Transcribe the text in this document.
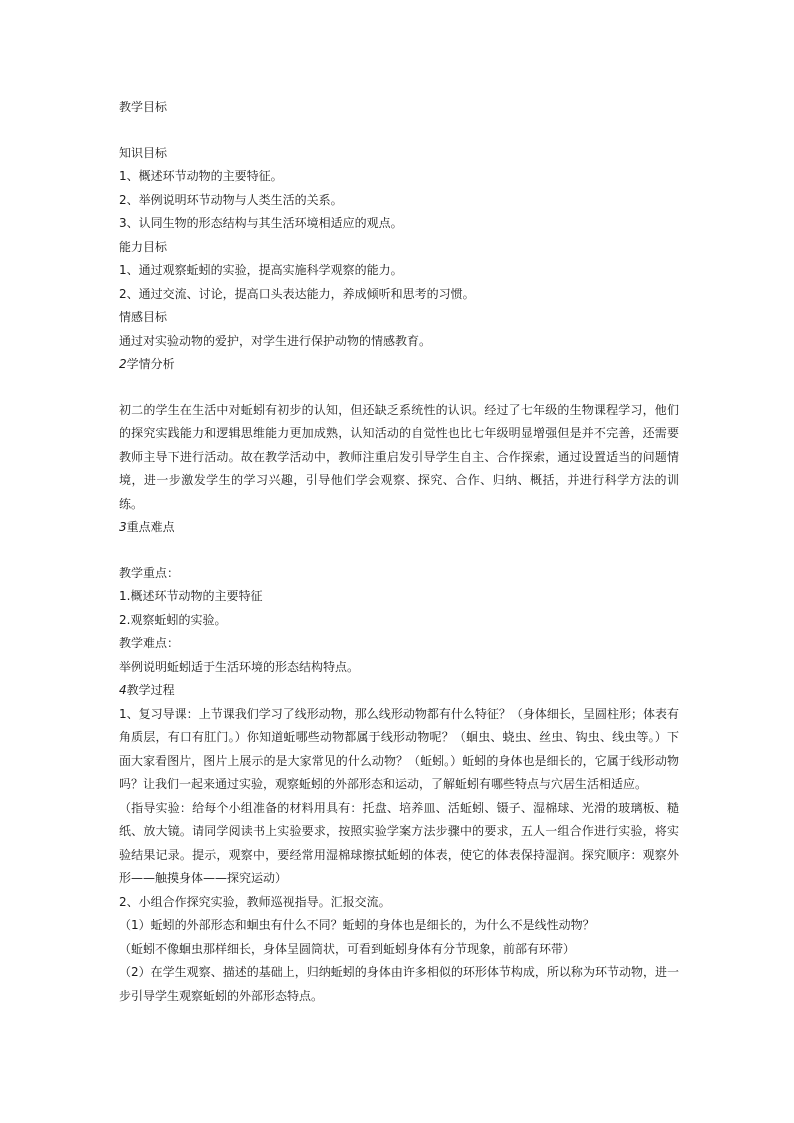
教学目标
知识目标
1、概述环节动物的主要特征。
2、举例说明环节动物与人类生活的关系。
3、认同生物的形态结构与其生活环境相适应的观点。
能力目标
1、通过观察蚯蚓的实验，提高实施科学观察的能力。
2、通过交流、讨论，提高口头表达能力，养成倾听和思考的习惯。
情感目标
通过对实验动物的爱护，对学生进行保护动物的情感教育。
2学情分析
初二的学生在生活中对蚯蚓有初步的认知，但还缺乏系统性的认识。经过了七年级的生物课程学习，他们的探究实践能力和逻辑思维能力更加成熟，认知活动的自觉性也比七年级明显增强但是并不完善，还需要教师主导下进行活动。故在教学活动中，教师注重启发引导学生自主、合作探索，通过设置适当的问题情境，进一步激发学生的学习兴趣，引导他们学会观察、探究、合作、归纳、概括，并进行科学方法的训练。
3重点难点
教学重点：
1.概述环节动物的主要特征
2.观察蚯蚓的实验。
教学难点：
举例说明蚯蚓适于生活环境的形态结构特点。
4教学过程
1、复习导课：上节课我们学习了线形动物，那么线形动物都有什么特征？（身体细长，呈圆柱形；体表有角质层，有口有肛门。）你知道蚯哪些动物都属于线形动物呢？（蛔虫、蛲虫、丝虫、钩虫、线虫等。）下面大家看图片，图片上展示的是大家常见的什么动物？（蚯蚓。）蚯蚓的身体也是细长的，它属于线形动物吗？让我们一起来通过实验，观察蚯蚓的外部形态和运动，了解蚯蚓有哪些特点与穴居生活相适应。
（指导实验：给每个小组准备的材料用具有：托盘、培养皿、活蚯蚓、镊子、湿棉球、光滑的玻璃板、糙纸、放大镜。请同学阅读书上实验要求，按照实验学案方法步骤中的要求，五人一组合作进行实验，将实验结果记录。提示，观察中，要经常用湿棉球擦拭蚯蚓的体表，使它的体表保持湿润。探究顺序：观察外形——触摸身体——探究运动）
2、小组合作探究实验，教师巡视指导。汇报交流。
（1）蚯蚓的外部形态和蛔虫有什么不同？蚯蚓的身体也是细长的，为什么不是线性动物？
（蚯蚓不像蛔虫那样细长，身体呈圆筒状，可看到蚯蚓身体有分节现象，前部有环带）
（2）在学生观察、描述的基础上，归纳蚯蚓的身体由许多相似的环形体节构成，所以称为环节动物，进一步引导学生观察蚯蚓的外部形态特点。
